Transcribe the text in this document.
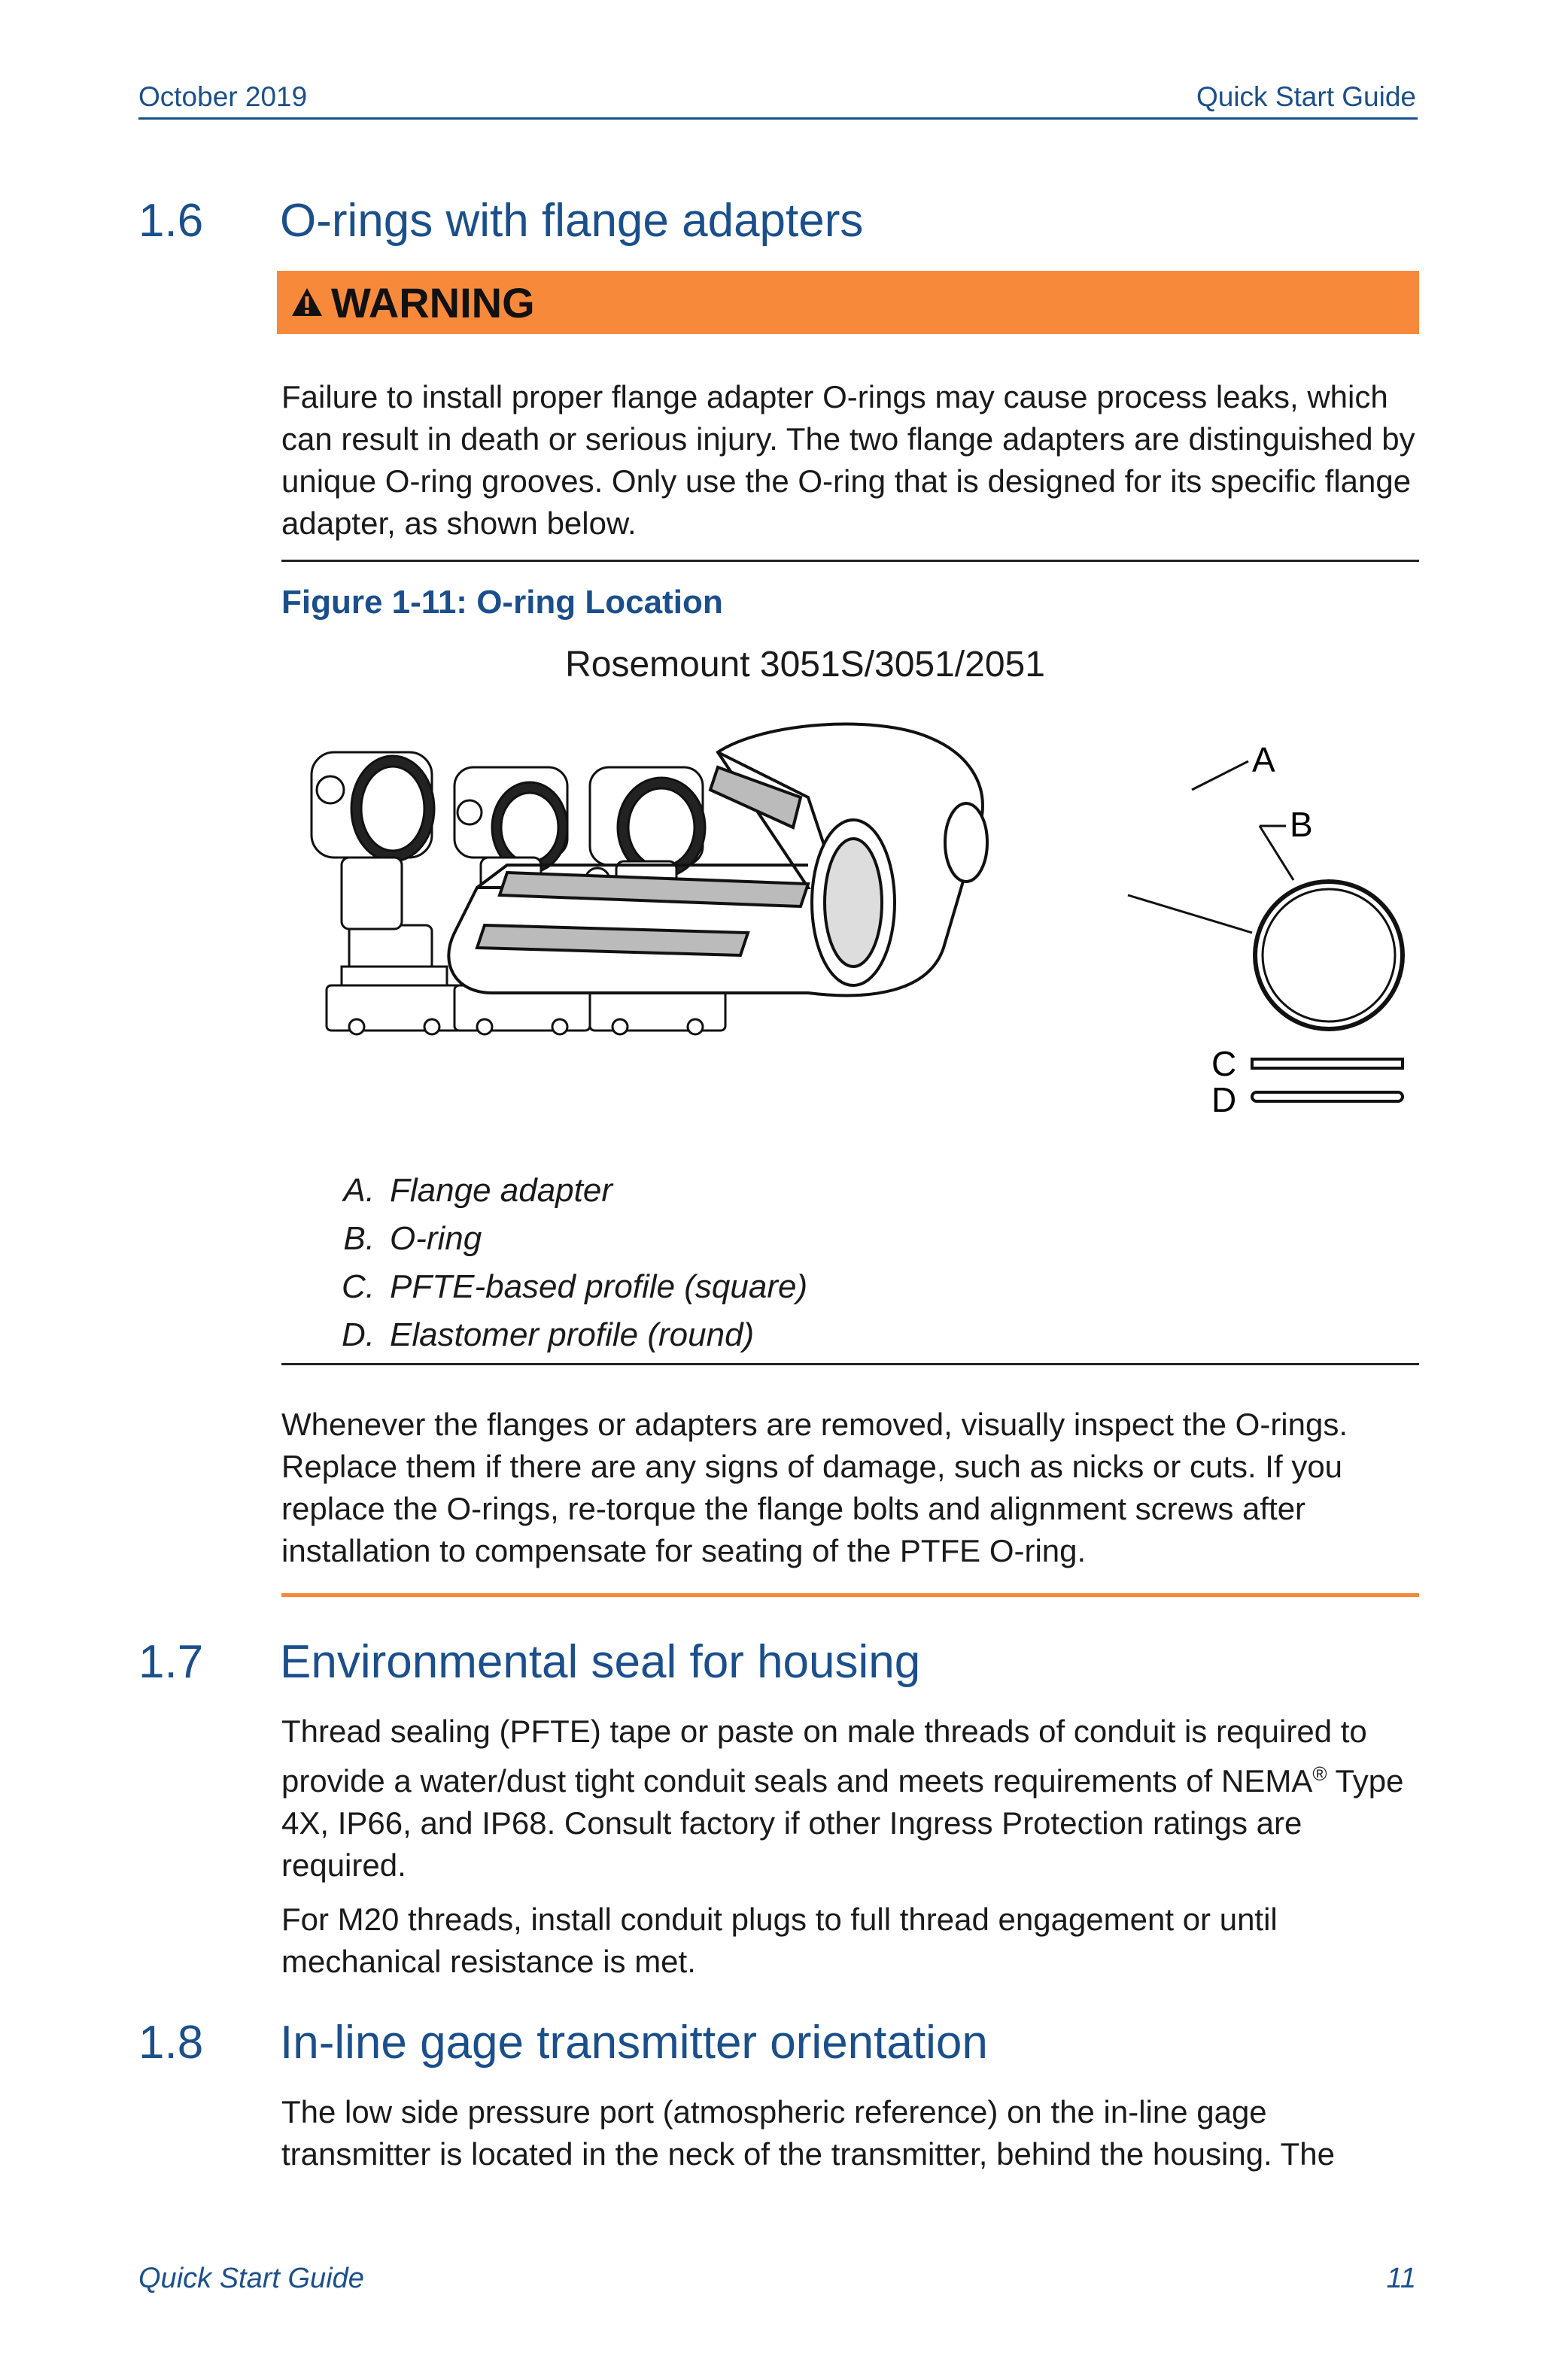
October 2019	Quick Start Guide
1.6 O-rings with flange adapters
WARNING

Failure to install proper flange adapter O-rings may cause process leaks, which can result in death or serious injury. The two flange adapters are distinguished by unique O-ring grooves. Only use the O-ring that is designed for its specific flange adapter, as shown below.

Figure 1-11: O-ring Location
Rosemount 3051S/3051/2051
A
B
C
D
A. Flange adapter
B. O-ring
C. PFTE-based profile (square)
D. Elastomer profile (round)

Whenever the flanges or adapters are removed, visually inspect the O-rings. Replace them if there are any signs of damage, such as nicks or cuts. If you replace the O-rings, re-torque the flange bolts and alignment screws after installation to compensate for seating of the PTFE O-ring.

1.7 Environmental seal for housing

Thread sealing (PFTE) tape or paste on male threads of conduit is required to provide a water/dust tight conduit seals and meets requirements of NEMA® Type 4X, IP66, and IP68. Consult factory if other Ingress Protection ratings are required.

For M20 threads, install conduit plugs to full thread engagement or until mechanical resistance is met.

1.8 In-line gage transmitter orientation

The low side pressure port (atmospheric reference) on the in-line gage transmitter is located in the neck of the transmitter, behind the housing. The

Quick Start Guide	11
